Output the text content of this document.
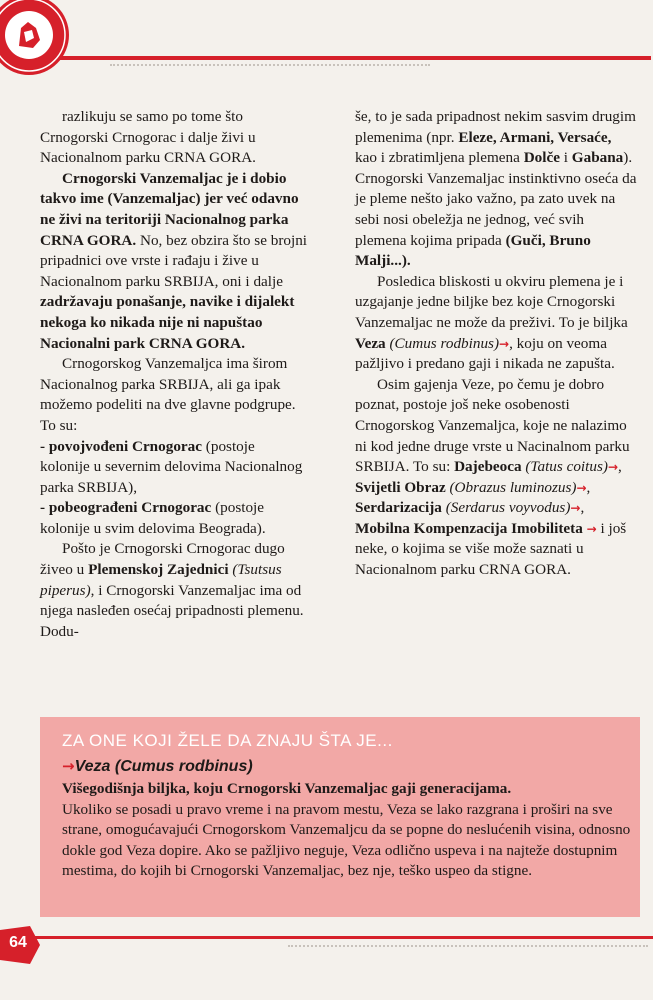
razlikuju se samo po tome što Crnogorski Crnogorac i dalje živi u Nacionalnom parku CRNA GORA.

Crnogorski Vanzemaljac je i dobio takvo ime (Vanzemaljac) jer već odavno ne živi na teritoriji Nacionalnog parka CRNA GORA. No, bez obzira što se brojni pripadnici ove vrste i rađaju i žive u Nacionalnom parku SRBIJA, oni i dalje zadržavaju ponašanje, navike i dijalekt nekoga ko nikada nije ni napuštao Nacionalni park CRNA GORA.

Crnogorskog Vanzemaljca ima širom Nacionalnog parka SRBIJA, ali ga ipak možemo podeliti na dve glavne podgrupe. To su:

- povojvođeni Crnogorac (postoje kolonije u severnim delovima Nacionalnog parka SRBIJA),

- pobeograđeni Crnogorac (postoje kolonije u svim delovima Beograda).

Pošto je Crnogorski Crnogorac dugo živeo u Plemenskoj Zajednici (Tsutsus piperus), i Crnogorski Vanzemaljac ima od njega nasleđen osećaj pripadnosti plemenu. Dodu-

še, to je sada pripadnost nekim sasvim drugim plemenima (npr. Eleze, Armani, Versaće, kao i zbratimljena plemena Dolče i Gabana). Crnogorski Vanzemaljac instinktivno oseća da je pleme nešto jako važno, pa zato uvek na sebi nosi obeležja ne jednog, već svih plemena kojima pripada (Guči, Bruno Malji...).

Posledica bliskosti u okviru plemena je i uzgajanje jedne biljke bez koje Crnogorski Vanzemaljac ne može da preživi. To je biljka Veza (Cumus rodbinus)→, koju on veoma pažljivo i predano gaji i nikada ne zapušta.

Osim gajenja Veze, po čemu je dobro poznat, postoje još neke osobenosti Crnogorskog Vanzemaljca, koje ne nalazimo ni kod jedne druge vrste u Nacinalnom parku SRBIJA. To su: Dajebeoca (Tatus coitus)→, Svijetli Obraz (Obrazus luminozus)→, Serdarizacija (Serdarus voyvodus)→, Mobilna Kompenzacija Imobiliteta → i još neke, o kojima se više može saznati u Nacionalnom parku CRNA GORA.

ZA ONE KOJI ŽELE DA ZNAJU ŠTA JE...
→Veza (Cumus rodbinus)

Višegodišnja biljka, koju Crnogorski Vanzemaljac gaji generacijama.

Ukoliko se posadi u pravo vreme i na pravom mestu, Veza se lako razgrana i proširi na sve strane, omogućavajući Crnogorskom Vanzemaljcu da se popne do neslućenih visina, odnosno dokle god Veza dopire. Ako se pažljivo neguje, Veza odlično uspeva i na najteže dostupnim mestima, do kojih bi Crnogorski Vanzemaljac, bez nje, teško uspeo da stigne.

64
